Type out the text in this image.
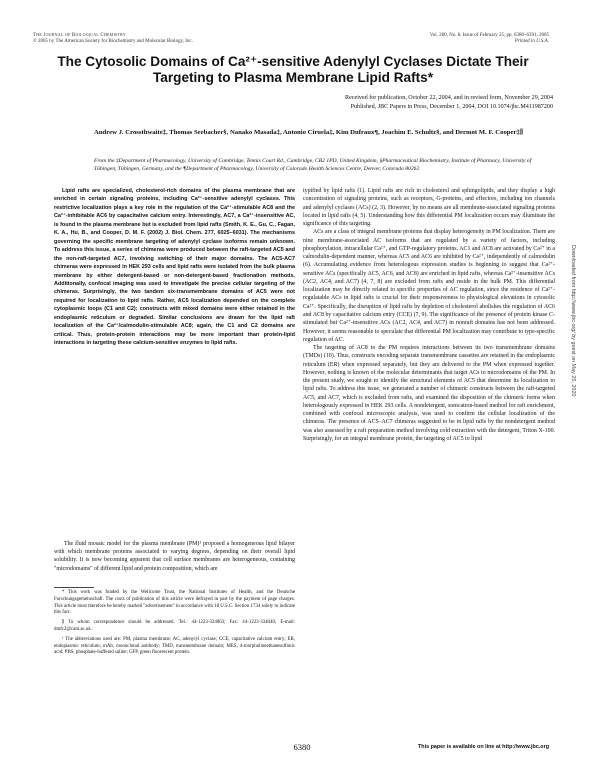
The Journal of Biological Chemistry
© 2005 by The American Society for Biochemistry and Molecular Biology, Inc.
Vol. 280, No. 8, Issue of February 25, pp. 6380–6391, 2005
Printed in U.S.A.
The Cytosolic Domains of Ca²⁺-sensitive Adenylyl Cyclases Dictate Their Targeting to Plasma Membrane Lipid Rafts*
Received for publication, October 22, 2004, and in revised form, November 29, 2004
Published, JBC Papers in Press, December 1, 2004, DOI 10.1074/jbc.M411987200
Andrew J. Crossthwaite‡, Thomas Seebacher§, Nanako Masada‡, Antonio Ciruela‡, Kim Dufraux¶, Joachim E. Schultz§, and Dermot M. F. Cooper‡∥
From the ‡Department of Pharmacology, University of Cambridge, Tennis Court Rd., Cambridge, CB2 1PD, United Kingdom, §Pharmaceutical Biochemistry, Institute of Pharmacy, University of Tübingen, Tübingen, Germany, and the ¶Department of Pharmacology, University of Colorado Health Sciences Centre, Denver, Colorado 80262
Lipid rafts are specialized, cholesterol-rich domains of the plasma membrane that are enriched in certain signaling proteins, including Ca²⁺-sensitive adenylyl cyclases. This restrictive localization plays a key role in the regulation of the Ca²⁺-stimulable AC8 and the Ca²⁺-inhibitable AC6 by capacitative calcium entry. Interestingly, AC7, a Ca²⁺-insensitive AC, is found in the plasma membrane but is excluded from lipid rafts (Smith, K. E., Gu, C., Fagan, K. A., Hu, B., and Cooper, D. M. F. (2002) J. Biol. Chem. 277, 6025–6031). The mechanisms governing the specific membrane targeting of adenylyl cyclase isoforms remain unknown. To address this issue, a series of chimeras were produced between the raft-targeted AC5 and the non-raft-targeted AC7, involving switching of their major domains. The AC5-AC7 chimeras were expressed in HEK 293 cells and lipid rafts were isolated from the bulk plasma membrane by either detergent-based or non-detergent-based fractionation methods. Additionally, confocal imaging was used to investigate the precise cellular targeting of the chimeras. Surprisingly, the two tandem six-transmembrane domains of AC5 were not required for localization to lipid rafts. Rather, AC5 localization depended on the complete cytoplasmic loops (C1 and C2); constructs with mixed domains were either retained in the endoplasmic reticulum or degraded. Similar conclusions are drawn for the lipid raft localization of the Ca²⁺/calmodulin-stimulable AC8; again, the C1 and C2 domains are critical. Thus, protein-protein interactions may be more important than protein-lipid interactions in targeting these calcium-sensitive enzymes to lipid rafts.
The fluid mosaic model for the plasma membrane (PM)¹ proposed a homogeneous lipid bilayer with which membrane proteins associated to varying degrees, depending on their overall lipid solubility. It is now becoming apparent that cell surface membranes are heterogeneous, containing "microdomains" of different lipid and protein composition, which are

* This work was funded by the Wellcome Trust, the National Institutes of Health, and the Deutsche Forschungsgemeinschaft. The costs of publication of this article were defrayed in part by the payment of page charges. This article must therefore be hereby marked "advertisement" in accordance with 18 U.S.C. Section 1734 solely to indicate this fact.

∥ To whom correspondence should be addressed. Tel.: 44-1223-334063; Fax: 44-1223-334040; E-mail: dmfc2@cam.ac.uk.

¹ The abbreviations used are: PM, plasma membrane; AC, adenylyl cyclase; CCE, capacitative calcium entry; ER, endoplasmic reticulum; mAb, monoclonal antibody; TMD, transmembrane domain; MES, 4-morpholineethanesulfonic acid; PBS, phosphate-buffered saline; GFP, green fluorescent protein.

typified by lipid rafts (1). Lipid rafts are rich in cholesterol and sphingolipids, and they display a high concentration of signaling proteins, such as receptors, G-proteins, and effectors, including ion channels and adenylyl cyclases (ACs) (2, 3). However, by no means are all membrane-associated signaling proteins located in lipid rafts (4, 5). Understanding how this differential PM localization occurs may illuminate the significance of this targeting.

ACs are a class of integral membrane proteins that display heterogeneity in PM localization. There are nine membrane-associated AC isoforms that are regulated by a variety of factors, including phosphorylation, intracellular Ca²⁺, and GTP-regulatory proteins. AC1 and AC8 are activated by Ca²⁺ in a calmodulin-dependent manner, whereas AC5 and AC6 are inhibited by Ca²⁺, independently of calmodulin (6). Accumulating evidence from heterologous expression studies is beginning to suggest that Ca²⁺-sensitive ACs (specifically AC5, AC6, and AC8) are enriched in lipid rafts, whereas Ca²⁺-insensitive ACs (AC2, AC4, and AC7) (4, 7, 8) are excluded from rafts and reside in the bulk PM. This differential localization may be directly related to specific properties of AC regulation, since the residence of Ca²⁺-regulatable ACs in lipid rafts is crucial for their responsiveness to physiological elevations in cytosolic Ca²⁺. Specifically, the disruption of lipid rafts by depletion of cholesterol abolishes the regulation of AC6 and AC8 by capacitative calcium entry (CCE) (7, 9). The significance of the presence of protein kinase C-stimulated but Ca²⁺-insensitive ACs (AC2, AC4, and AC7) in nonraft domains has not been addressed. However, it seems reasonable to speculate that differential PM localization may contribute to type-specific regulation of AC.

The targeting of AC8 to the PM requires interactions between its two transmembrane domains (TMDs) (10). Thus, constructs encoding separate transmembrane cassettes are retained in the endoplasmic reticulum (ER) when expressed separately, but they are delivered to the PM when expressed together. However, nothing is known of the molecular determinants that target ACs to microdomains of the PM. In the present study, we sought to identify the structural elements of AC5 that determine its localization to lipid rafts. To address this issue, we generated a number of chimeric constructs between the raft-targeted AC5, and AC7, which is excluded from rafts, and examined the disposition of the chimeric forms when heterologously expressed in HEK 293 cells. A nondetergent, sonication-based method for raft enrichment, combined with confocal microscopic analysis, was used to confirm the cellular localization of the chimeras. The presence of AC5–AC7 chimeras suggested to be in lipid rafts by the nondetergent method was also assessed by a raft preparation method involving cold extraction with the detergent, Triton X-100. Surprisingly, for an integral membrane protein, the targeting of AC5 to lipid

Downloaded from http://www.jbc.org/ by guest on May 25, 2020
6380	This paper is available on line at http://www.jbc.org
